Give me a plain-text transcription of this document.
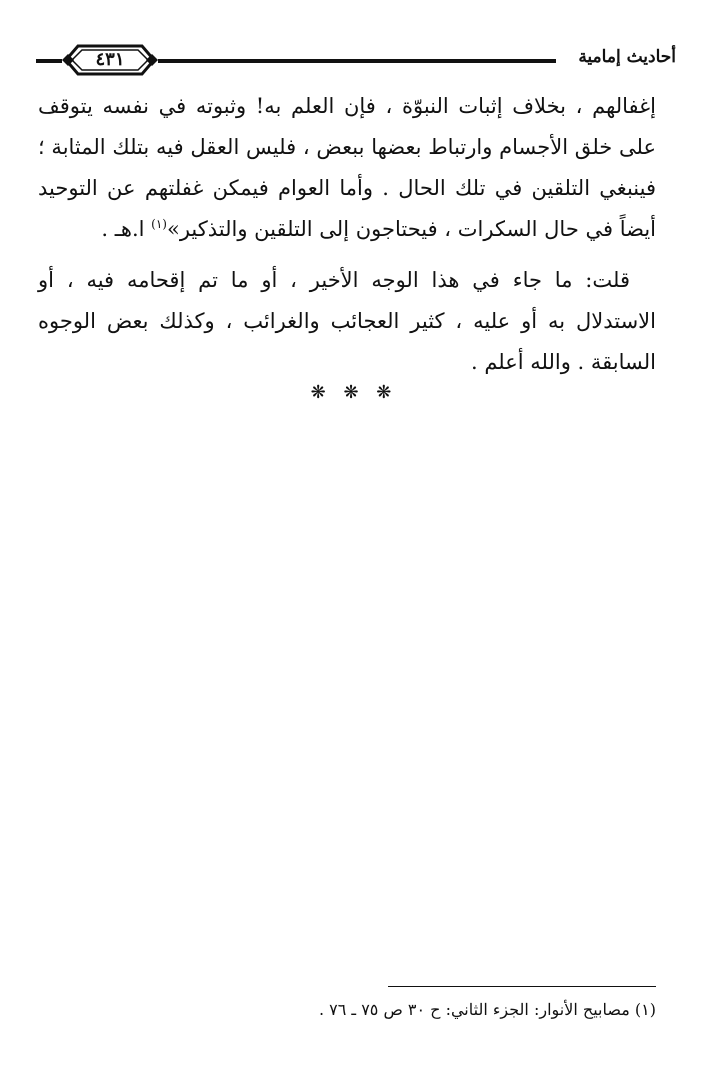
أحاديث إمامية
٤٣١

إغفالهم ، بخلاف إثبات النبوّة ، فإن العلم به! وثبوته في نفسه يتوقف على خلق الأجسام وارتباط بعضها ببعض ، فليس العقل فيه بتلك المثابة ؛ فينبغي التلقين في تلك الحال . وأما العوام فيمكن غفلتهم عن التوحيد أيضاً في حال السكرات ، فيحتاجون إلى التلقين والتذكير»$^{(١)}$ ا.هـ .

قلت: ما جاء في هذا الوجه الأخير ، أو ما تم إقحامه فيه ، أو الاستدلال به أو عليه ، كثير العجائب والغرائب ، وكذلك بعض الوجوه السابقة . والله أعلم .

❋ ❋ ❋
(١) مصابيح الأنوار: الجزء الثاني: ح ٣٠ ص ٧٥ ـ ٧٦ .
